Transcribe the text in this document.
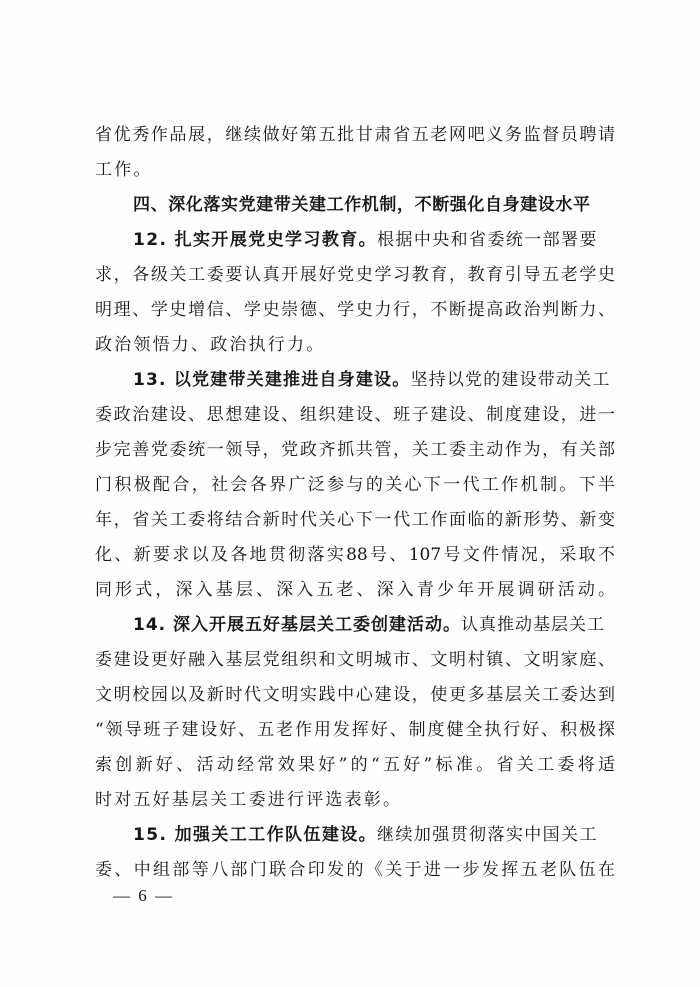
省优秀作品展，继续做好第五批甘肃省五老网吧义务监督员聘请
工作。
四、深化落实党建带关建工作机制，不断强化自身建设水平
12. 扎实开展党史学习教育。根据中央和省委统一部署要
求，各级关工委要认真开展好党史学习教育，教育引导五老学史
明理、学史增信、学史崇德、学史力行，不断提高政治判断力、
政治领悟力、政治执行力。
13. 以党建带关建推进自身建设。坚持以党的建设带动关工
委政治建设、思想建设、组织建设、班子建设、制度建设，进一
步完善党委统一领导，党政齐抓共管，关工委主动作为，有关部
门积极配合，社会各界广泛参与的关心下一代工作机制。下半
年，省关工委将结合新时代关心下一代工作面临的新形势、新变
化、新要求以及各地贯彻落实88号、107号文件情况，采取不
同形式，深入基层、深入五老、深入青少年开展调研活动。
14. 深入开展五好基层关工委创建活动。认真推动基层关工
委建设更好融入基层党组织和文明城市、文明村镇、文明家庭、
文明校园以及新时代文明实践中心建设，使更多基层关工委达到
“领导班子建设好、五老作用发挥好、制度健全执行好、积极探
索创新好、活动经常效果好”的“五好”标准。省关工委将适
时对五好基层关工委进行评选表彰。
15. 加强关工工作队伍建设。继续加强贯彻落实中国关工
委、中组部等八部门联合印发的《关于进一步发挥五老队伍在
— 6 —
